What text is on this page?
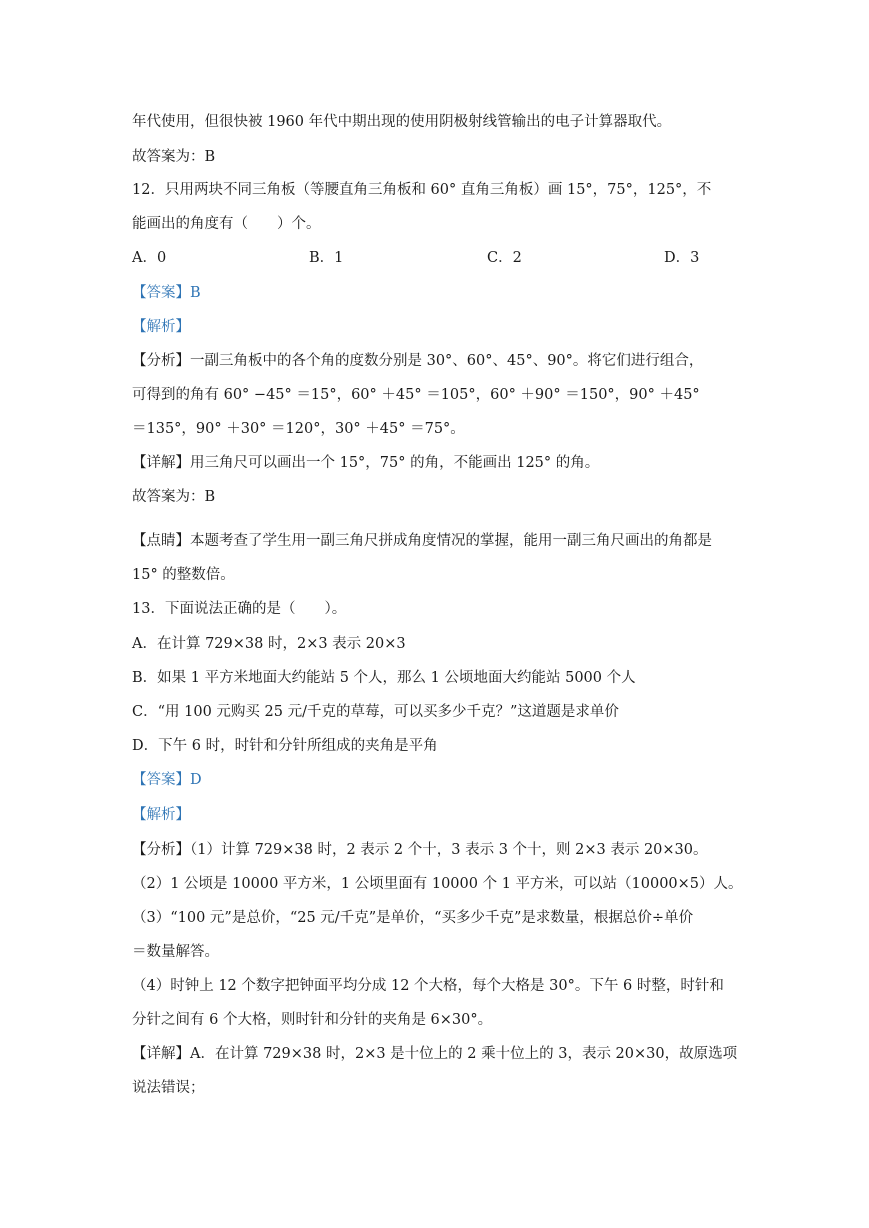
年代使用，但很快被 1960 年代中期出现的使用阴极射线管输出的电子计算器取代。
故答案为：B
12．只用两块不同三角板（等腰直角三角板和 60° 直角三角板）画 15°，75°，125°，不
能画出的角度有（　　）个。
A．0	B．1	C．2	D．3
【答案】B
【解析】
【分析】一副三角板中的各个角的度数分别是 30°、60°、45°、90°。将它们进行组合，
可得到的角有 60° −45° ＝15°，60° ＋45° ＝105°，60° ＋90° ＝150°，90° ＋45°
＝135°，90° ＋30° ＝120°，30° ＋45° ＝75°。
【详解】用三角尺可以画出一个 15°，75° 的角，不能画出 125° 的角。
故答案为：B
【点睛】本题考查了学生用一副三角尺拼成角度情况的掌握，能用一副三角尺画出的角都是
15° 的整数倍。
13．下面说法正确的是（　　）。
A．在计算 729×38 时，2×3 表示 20×3
B．如果 1 平方米地面大约能站 5 个人，那么 1 公顷地面大约能站 5000 个人
C．“用 100 元购买 25 元/千克的草莓，可以买多少千克？”这道题是求单价
D．下午 6 时，时针和分针所组成的夹角是平角
【答案】D
【解析】
【分析】（1）计算 729×38 时，2 表示 2 个十，3 表示 3 个十，则 2×3 表示 20×30。
（2）1 公顷是 10000 平方米，1 公顷里面有 10000 个 1 平方米，可以站（10000×5）人。
（3）“100 元”是总价，“25 元/千克”是单价，“买多少千克”是求数量，根据总价÷单价
＝数量解答。
（4）时钟上 12 个数字把钟面平均分成 12 个大格，每个大格是 30°。下午 6 时整，时针和
分针之间有 6 个大格，则时针和分针的夹角是 6×30°。
【详解】A．在计算 729×38 时，2×3 是十位上的 2 乘十位上的 3，表示 20×30，故原选项
说法错误；
